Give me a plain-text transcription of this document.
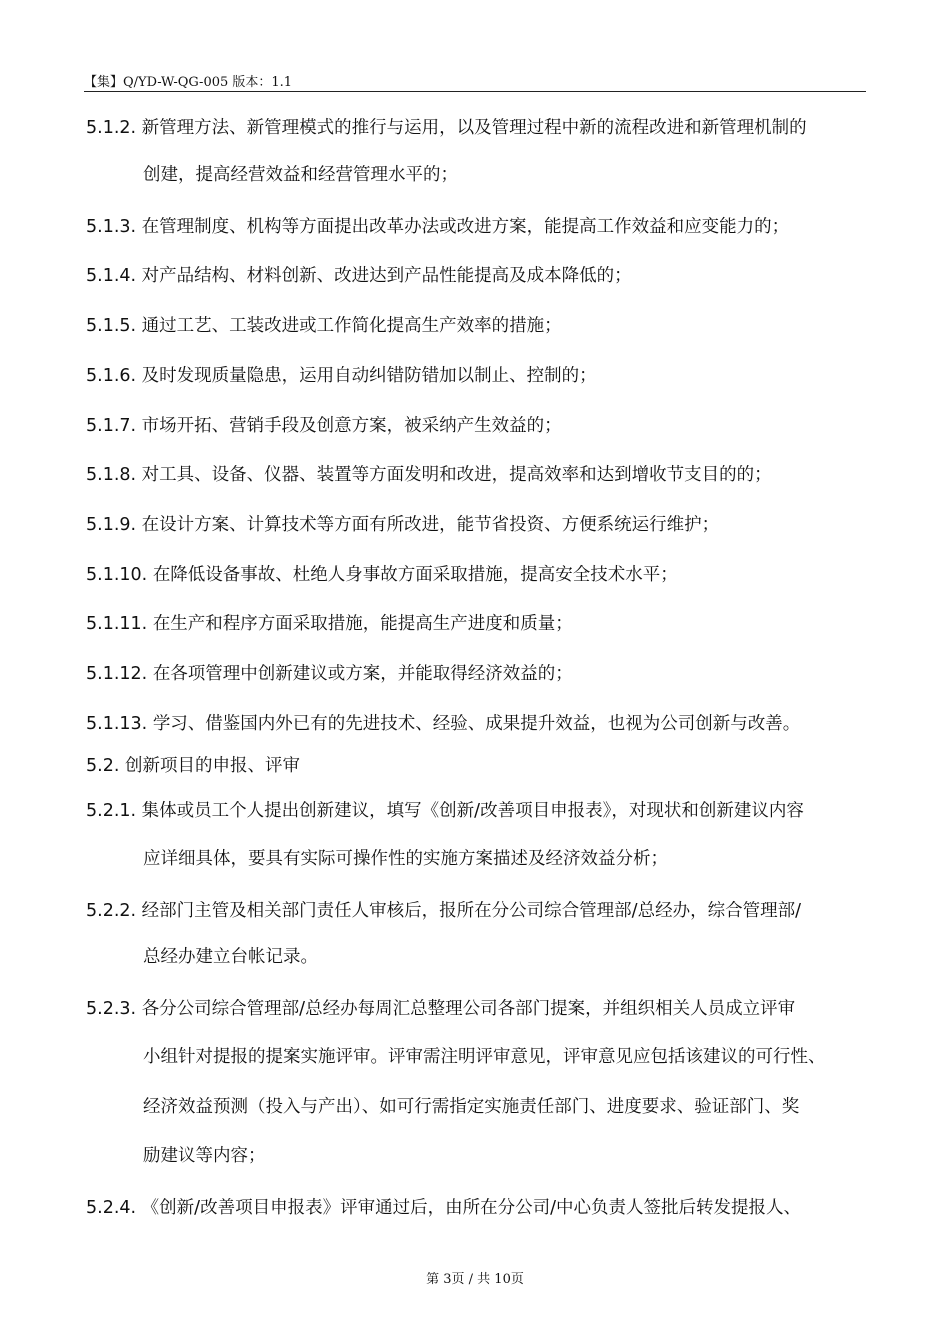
【集】Q/YD-W-QG-005 版本：1.1
5.1.2. 新管理方法、新管理模式的推行与运用，以及管理过程中新的流程改进和新管理机制的
创建，提高经营效益和经营管理水平的；
5.1.3. 在管理制度、机构等方面提出改革办法或改进方案，能提高工作效益和应变能力的；
5.1.4. 对产品结构、材料创新、改进达到产品性能提高及成本降低的；
5.1.5. 通过工艺、工装改进或工作简化提高生产效率的措施；
5.1.6. 及时发现质量隐患，运用自动纠错防错加以制止、控制的；
5.1.7. 市场开拓、营销手段及创意方案，被采纳产生效益的；
5.1.8. 对工具、设备、仪器、装置等方面发明和改进，提高效率和达到增收节支目的的；
5.1.9. 在设计方案、计算技术等方面有所改进，能节省投资、方便系统运行维护；
5.1.10. 在降低设备事故、杜绝人身事故方面采取措施，提高安全技术水平；
5.1.11. 在生产和程序方面采取措施，能提高生产进度和质量；
5.1.12. 在各项管理中创新建议或方案，并能取得经济效益的；
5.1.13. 学习、借鉴国内外已有的先进技术、经验、成果提升效益，也视为公司创新与改善。
5.2. 创新项目的申报、评审
5.2.1. 集体或员工个人提出创新建议，填写《创新/改善项目申报表》，对现状和创新建议内容
应详细具体，要具有实际可操作性的实施方案描述及经济效益分析；
5.2.2. 经部门主管及相关部门责任人审核后，报所在分公司综合管理部/总经办，综合管理部/
总经办建立台帐记录。
5.2.3. 各分公司综合管理部/总经办每周汇总整理公司各部门提案，并组织相关人员成立评审
小组针对提报的提案实施评审。评审需注明评审意见，评审意见应包括该建议的可行性、
经济效益预测（投入与产出）、如可行需指定实施责任部门、进度要求、验证部门、奖
励建议等内容；
5.2.4. 《创新/改善项目申报表》评审通过后，由所在分公司/中心负责人签批后转发提报人、
第 3页 / 共 10页
